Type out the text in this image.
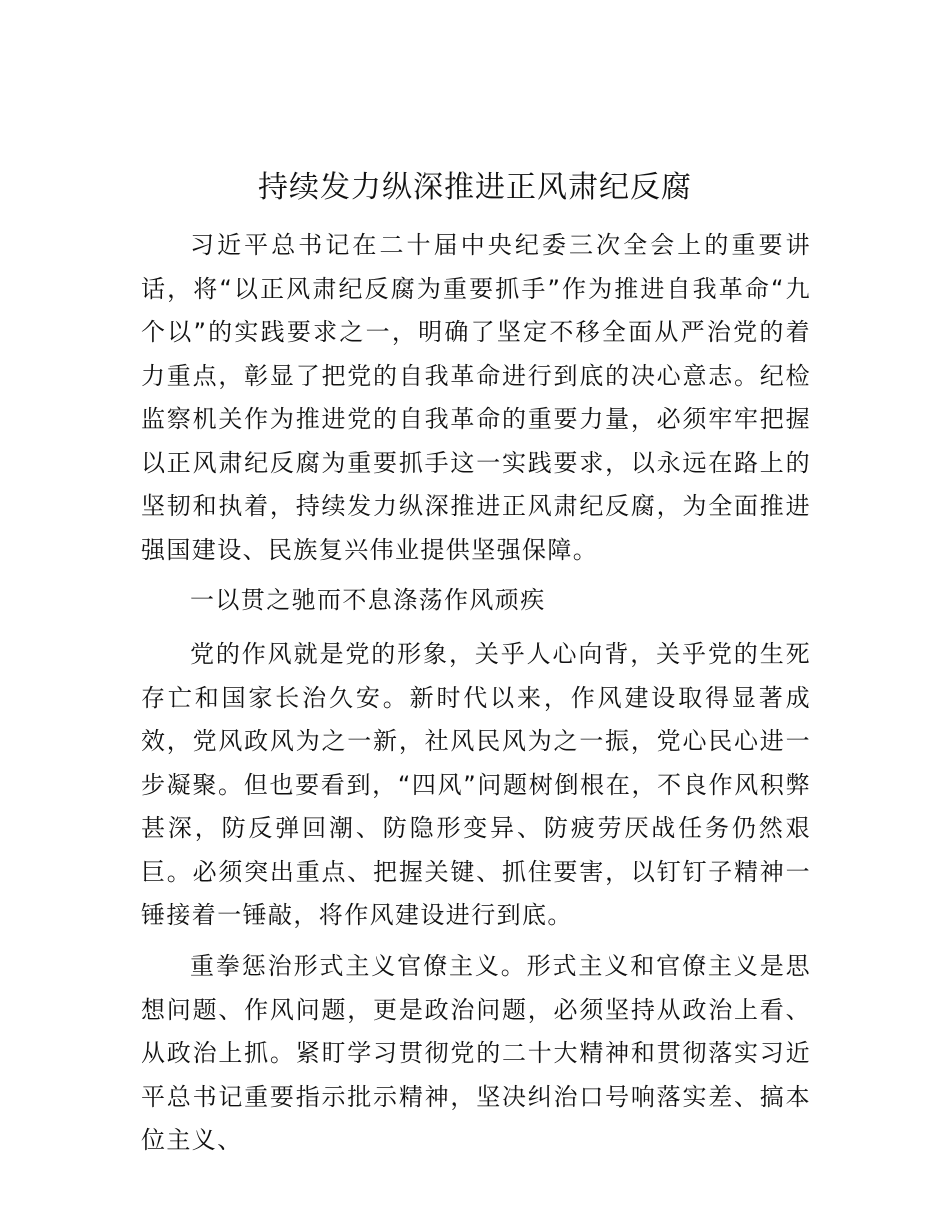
持续发力纵深推进正风肃纪反腐

习近平总书记在二十届中央纪委三次全会上的重要讲话，将“以正风肃纪反腐为重要抓手”作为推进自我革命“九个以”的实践要求之一，明确了坚定不移全面从严治党的着力重点，彰显了把党的自我革命进行到底的决心意志。纪检监察机关作为推进党的自我革命的重要力量，必须牢牢把握以正风肃纪反腐为重要抓手这一实践要求，以永远在路上的坚韧和执着，持续发力纵深推进正风肃纪反腐，为全面推进强国建设、民族复兴伟业提供坚强保障。

一以贯之驰而不息涤荡作风顽疾

党的作风就是党的形象，关乎人心向背，关乎党的生死存亡和国家长治久安。新时代以来，作风建设取得显著成效，党风政风为之一新，社风民风为之一振，党心民心进一步凝聚。但也要看到，“四风”问题树倒根在，不良作风积弊甚深，防反弹回潮、防隐形变异、防疲劳厌战任务仍然艰巨。必须突出重点、把握关键、抓住要害，以钉钉子精神一锤接着一锤敲，将作风建设进行到底。

重拳惩治形式主义官僚主义。形式主义和官僚主义是思想问题、作风问题，更是政治问题，必须坚持从政治上看、从政治上抓。紧盯学习贯彻党的二十大精神和贯彻落实习近平总书记重要指示批示精神，坚决纠治口号响落实差、搞本位主义、
